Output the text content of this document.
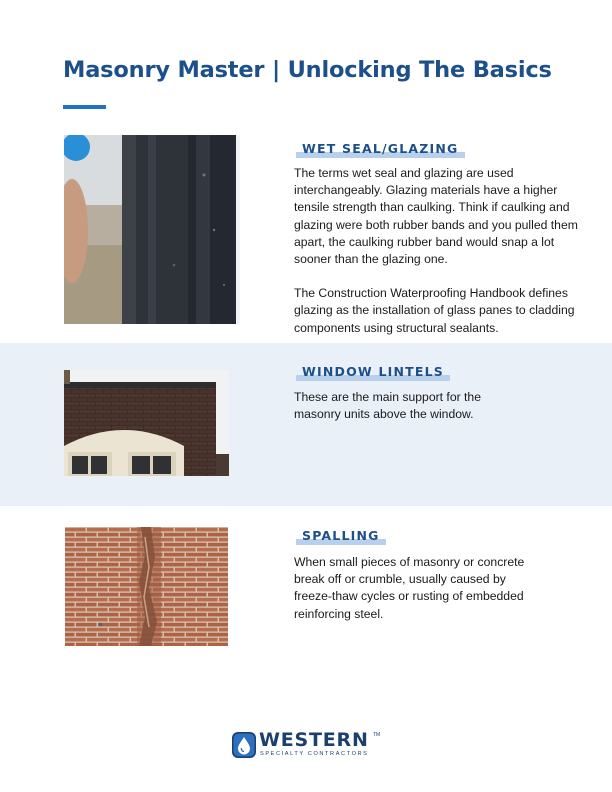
Masonry Master | Unlocking The Basics
WET SEAL/GLAZING

The terms wet seal and glazing are used interchangeably. Glazing materials have a higher tensile strength than caulking. Think if caulking and glazing were both rubber bands and you pulled them apart, the caulking rubber band would snap a lot sooner than the glazing one.

The Construction Waterproofing Handbook defines glazing as the installation of glass panes to cladding components using structural sealants.

WINDOW LINTELS

These are the main support for the masonry units above the window.

SPALLING

When small pieces of masonry or concrete break off or crumble, usually caused by freeze-thaw cycles or rusting of embedded reinforcing steel.

WESTERN TM

SPECIALTY CONTRACTORS
